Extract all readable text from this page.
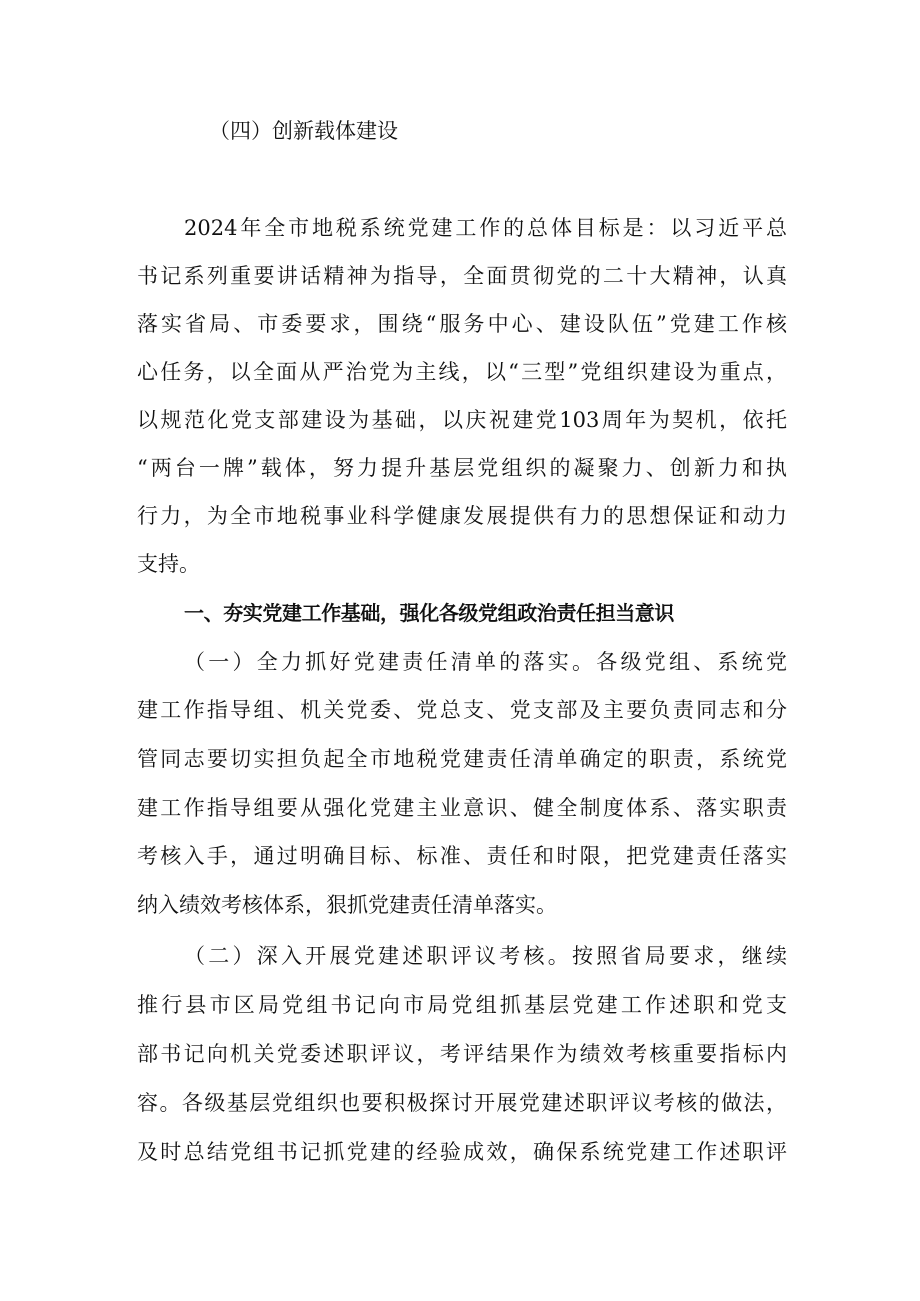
（四）创新载体建设
2024年全市地税系统党建工作的总体目标是：以习近平总
书记系列重要讲话精神为指导，全面贯彻党的二十大精神，认真
落实省局、市委要求，围绕“服务中心、建设队伍”党建工作核
心任务，以全面从严治党为主线，以“三型”党组织建设为重点，
以规范化党支部建设为基础，以庆祝建党103周年为契机，依托
“两台一牌”载体，努力提升基层党组织的凝聚力、创新力和执
行力，为全市地税事业科学健康发展提供有力的思想保证和动力
支持。
一、夯实党建工作基础，强化各级党组政治责任担当意识
（一）全力抓好党建责任清单的落实。各级党组、系统党
建工作指导组、机关党委、党总支、党支部及主要负责同志和分
管同志要切实担负起全市地税党建责任清单确定的职责，系统党
建工作指导组要从强化党建主业意识、健全制度体系、落实职责
考核入手，通过明确目标、标准、责任和时限，把党建责任落实
纳入绩效考核体系，狠抓党建责任清单落实。
（二）深入开展党建述职评议考核。按照省局要求，继续
推行县市区局党组书记向市局党组抓基层党建工作述职和党支
部书记向机关党委述职评议，考评结果作为绩效考核重要指标内
容。各级基层党组织也要积极探讨开展党建述职评议考核的做法，
及时总结党组书记抓党建的经验成效，确保系统党建工作述职评
